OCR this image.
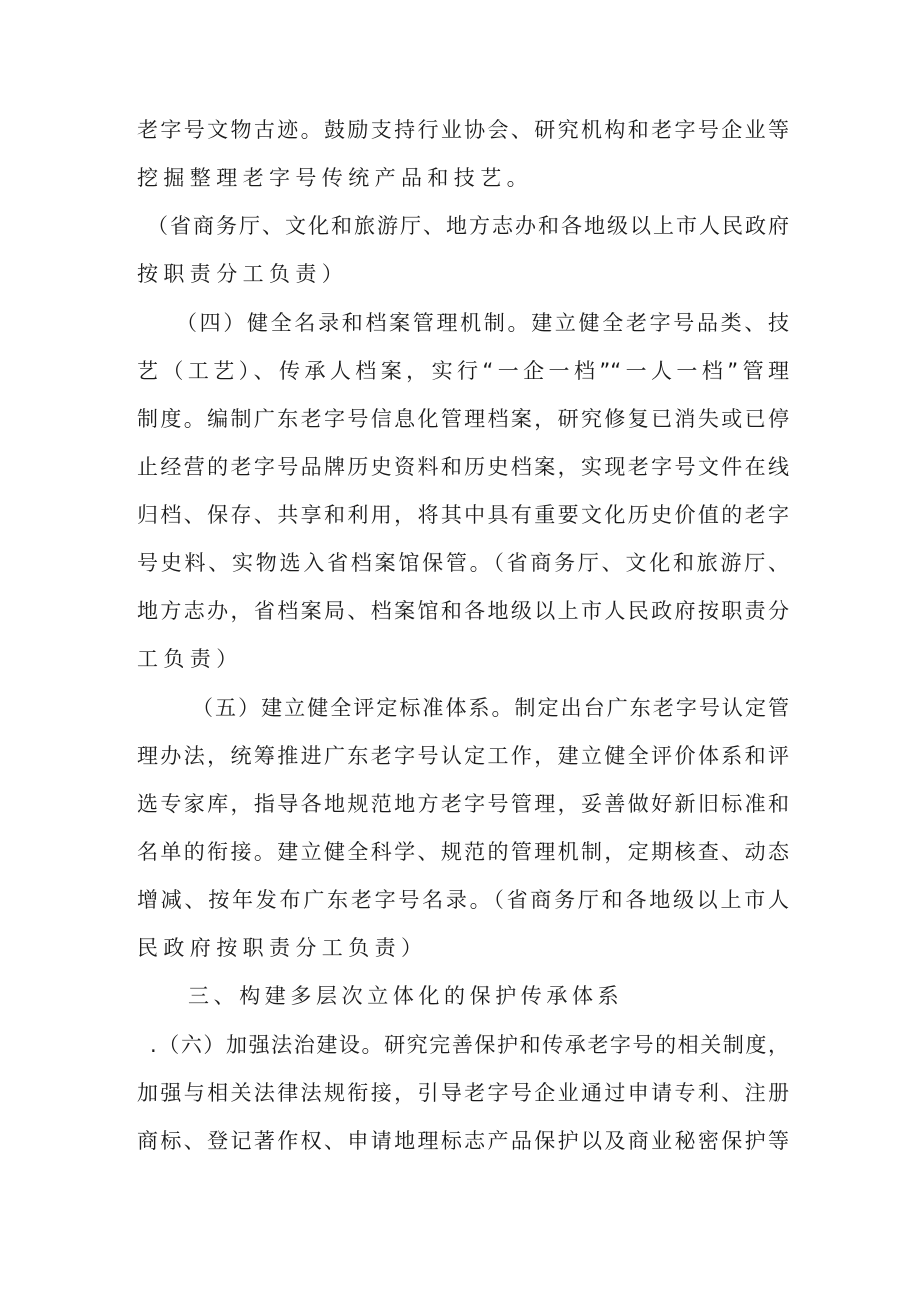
老字号文物古迹。鼓励支持行业协会、研究机构和老字号企业等
挖掘整理老字号传统产品和技艺。
（省商务厅、文化和旅游厅、地方志办和各地级以上市人民政府
按职责分工负责）
（四）健全名录和档案管理机制。建立健全老字号品类、技
艺（工艺）、传承人档案，实行“一企一档”“一人一档”管理
制度。编制广东老字号信息化管理档案，研究修复已消失或已停
止经营的老字号品牌历史资料和历史档案，实现老字号文件在线
归档、保存、共享和利用，将其中具有重要文化历史价值的老字
号史料、实物选入省档案馆保管。（省商务厅、文化和旅游厅、
地方志办，省档案局、档案馆和各地级以上市人民政府按职责分
工负责）
（五）建立健全评定标准体系。制定出台广东老字号认定管
理办法，统筹推进广东老字号认定工作，建立健全评价体系和评
选专家库，指导各地规范地方老字号管理，妥善做好新旧标准和
名单的衔接。建立健全科学、规范的管理机制，定期核查、动态
增减、按年发布广东老字号名录。（省商务厅和各地级以上市人
民政府按职责分工负责）
三、构建多层次立体化的保护传承体系
.（六）加强法治建设。研究完善保护和传承老字号的相关制度，
加强与相关法律法规衔接，引导老字号企业通过申请专利、注册
商标、登记著作权、申请地理标志产品保护以及商业秘密保护等
